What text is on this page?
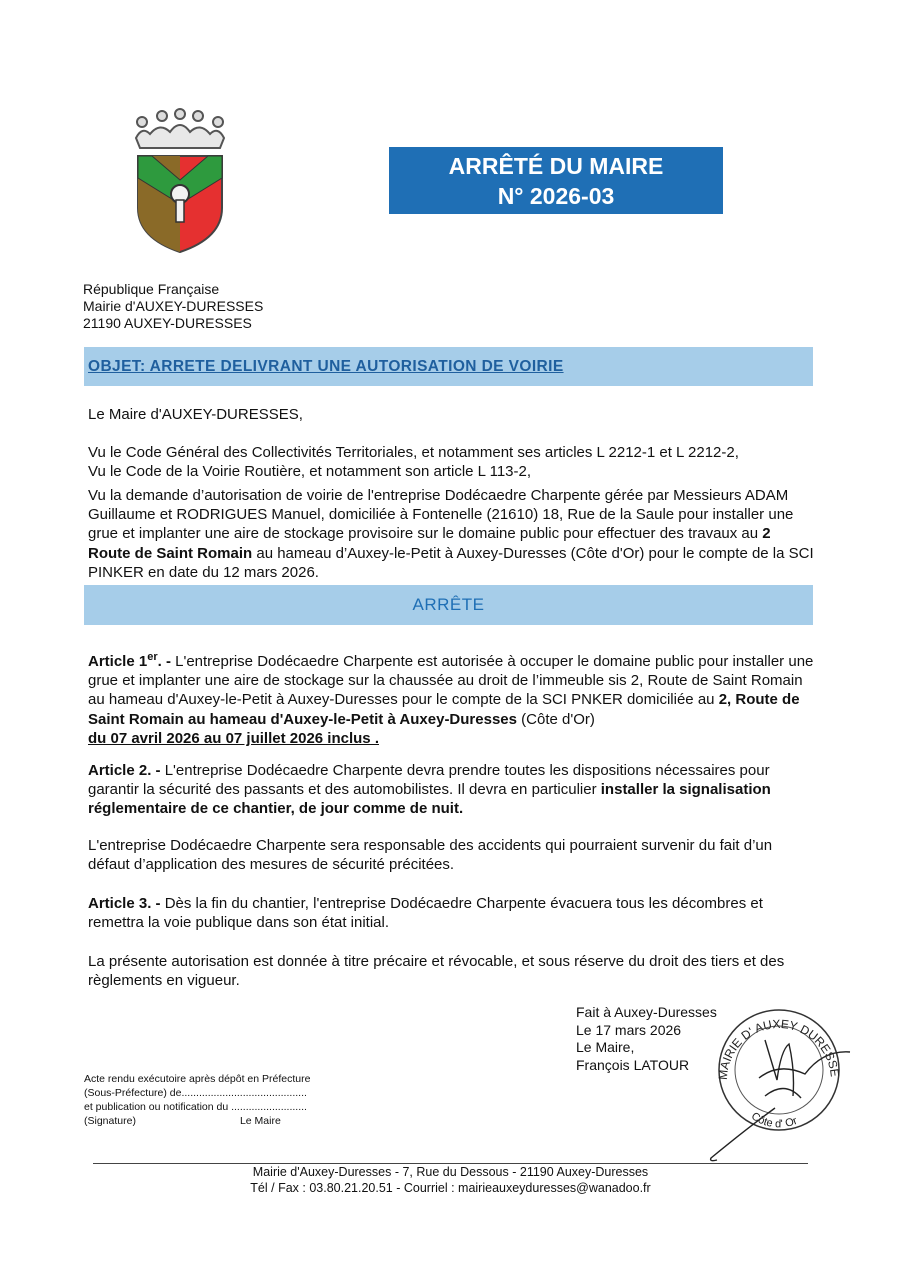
ARRÊTÉ DU MAIRE
N° 2026-03
République Française
Mairie d'AUXEY-DURESSES
21190 AUXEY-DURESSES
OBJET: ARRETE DELIVRANT UNE AUTORISATION DE VOIRIE
Le Maire d'AUXEY-DURESSES,
Vu le Code Général des Collectivités Territoriales, et notamment ses articles L 2212-1 et L 2212-2,
Vu le Code de la Voirie Routière, et notamment son article L 113-2,
Vu la demande d’autorisation de voirie de l'entreprise Dodécaedre Charpente gérée par Messieurs ADAM Guillaume et RODRIGUES Manuel, domiciliée à Fontenelle (21610) 18, Rue de la Saule pour installer une grue et implanter une aire de stockage provisoire sur le domaine public pour effectuer des travaux au 2 Route de Saint Romain au hameau d’Auxey-le-Petit à Auxey-Duresses (Côte d'Or) pour le compte de la SCI PINKER en date du 12 mars 2026.
ARRÊTE
Article 1er. - L'entreprise Dodécaedre Charpente est autorisée à occuper le domaine public pour installer une grue et implanter une aire de stockage sur la chaussée au droit de l’immeuble sis 2, Route de Saint Romain au hameau d'Auxey-le-Petit à Auxey-Duresses pour le compte de la SCI PNKER domiciliée au 2, Route de Saint Romain au hameau d'Auxey-le-Petit à Auxey-Duresses (Côte d'Or)
du 07 avril 2026 au 07 juillet 2026 inclus .
Article 2. - L'entreprise Dodécaedre Charpente devra prendre toutes les dispositions nécessaires pour garantir la sécurité des passants et des automobilistes. Il devra en particulier installer la signalisation réglementaire de ce chantier, de jour comme de nuit.
L'entreprise Dodécaedre Charpente sera responsable des accidents qui pourraient survenir du fait d’un défaut d’application des mesures de sécurité précitées.
Article 3. - Dès la fin du chantier, l'entreprise Dodécaedre Charpente évacuera tous les décombres et remettra la voie publique dans son état initial.
La présente autorisation est donnée à titre précaire et révocable, et sous réserve du droit des tiers et des règlements en vigueur.
Fait à Auxey-Duresses
Le 17 mars 2026
Le Maire,
François LATOUR
MAIRIE D' AUXEY DURESSE
Côte d' Or
Acte rendu exécutoire après dépôt en Préfecture
(Sous-Préfecture) de...........................................
et publication ou notification du ..........................
(Signature)	Le Maire
Mairie d'Auxey-Duresses - 7, Rue du Dessous - 21190 Auxey-Duresses
Tél / Fax : 03.80.21.20.51 - Courriel : mairieauxeyduresses@wanadoo.fr
